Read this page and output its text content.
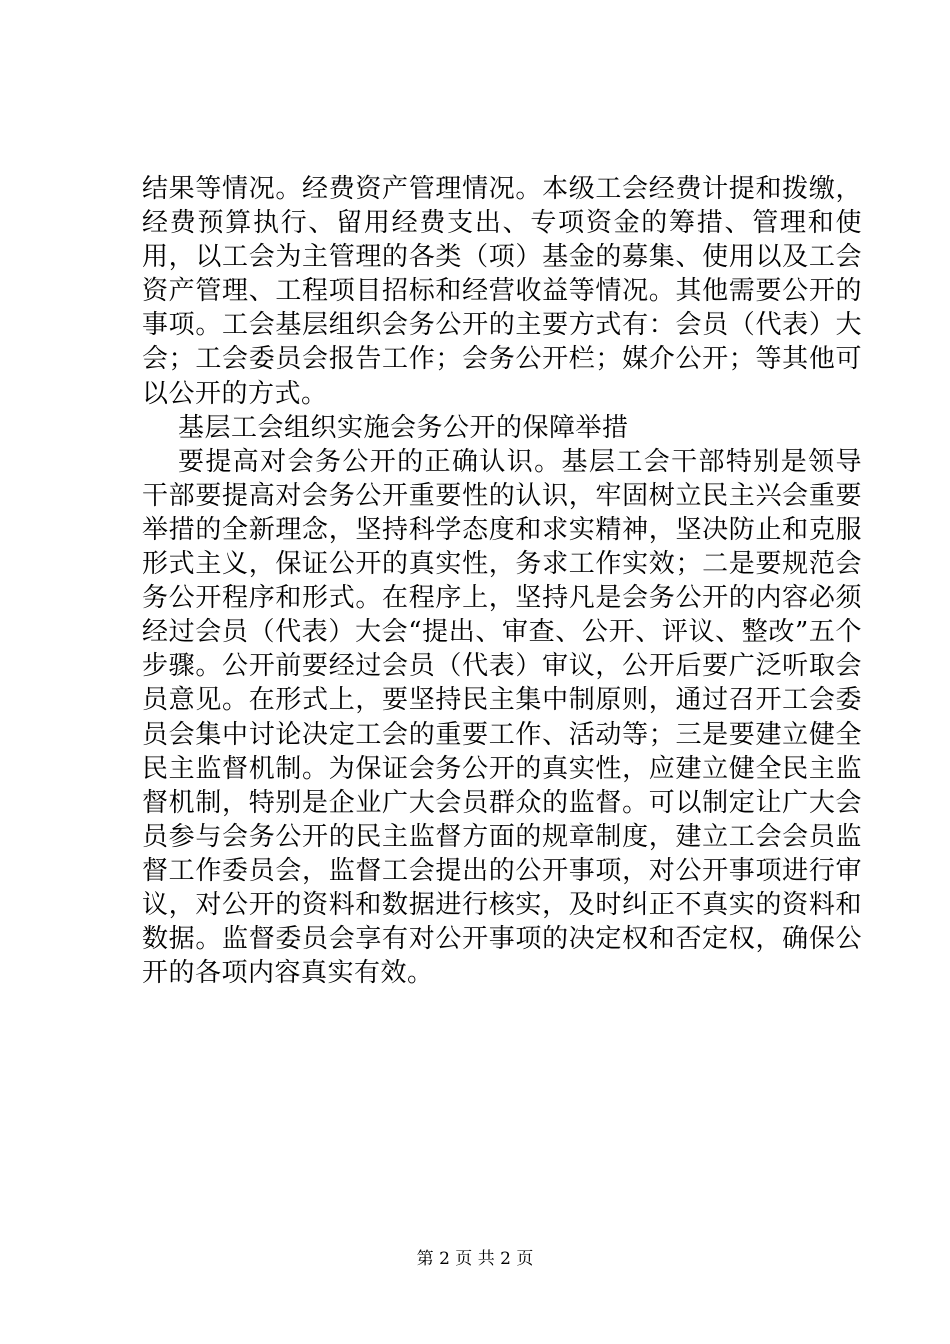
结果等情况。经费资产管理情况。本级工会经费计提和拨缴，经费预算执行、留用经费支出、专项资金的筹措、管理和使用，以工会为主管理的各类（项）基金的募集、使用以及工会资产管理、工程项目招标和经营收益等情况。其他需要公开的事项。工会基层组织会务公开的主要方式有：会员（代表）大会；工会委员会报告工作；会务公开栏；媒介公开；等其他可以公开的方式。

基层工会组织实施会务公开的保障举措

要提高对会务公开的正确认识。基层工会干部特别是领导干部要提高对会务公开重要性的认识，牢固树立民主兴会重要举措的全新理念，坚持科学态度和求实精神，坚决防止和克服形式主义，保证公开的真实性，务求工作实效；二是要规范会务公开程序和形式。在程序上，坚持凡是会务公开的内容必须经过会员（代表）大会“提出、审查、公开、评议、整改”五个步骤。公开前要经过会员（代表）审议，公开后要广泛听取会员意见。在形式上，要坚持民主集中制原则，通过召开工会委员会集中讨论决定工会的重要工作、活动等；三是要建立健全民主监督机制。为保证会务公开的真实性，应建立健全民主监督机制，特别是企业广大会员群众的监督。可以制定让广大会员参与会务公开的民主监督方面的规章制度，建立工会会员监督工作委员会，监督工会提出的公开事项，对公开事项进行审议，对公开的资料和数据进行核实，及时纠正不真实的资料和数据。监督委员会享有对公开事项的决定权和否定权，确保公开的各项内容真实有效。

第 2 页 共 2 页
